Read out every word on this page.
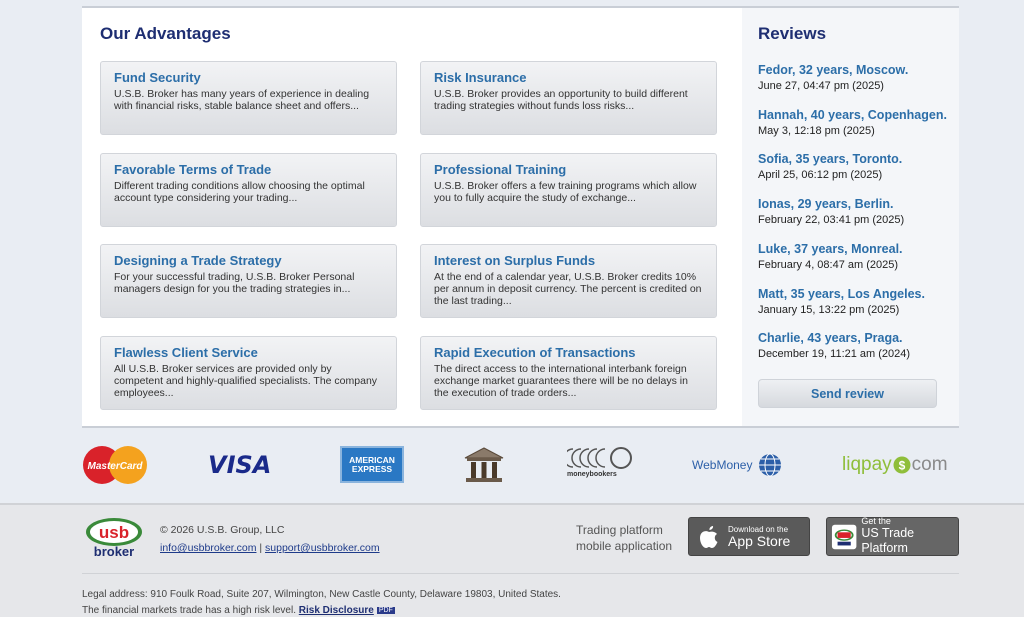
Our Advantages	Reviews
Fund Security
U.S.B. Broker has many years of experience in dealing with financial risks, stable balance sheet and offers...
Risk Insurance
U.S.B. Broker provides an opportunity to build different trading strategies without funds loss risks...
Favorable Terms of Trade
Different trading conditions allow choosing the optimal account type considering your trading...
Professional Training
U.S.B. Broker offers a few training programs which allow you to fully acquire the study of exchange...
Designing a Trade Strategy
For your successful trading, U.S.B. Broker Personal managers design for you the trading strategies in...
Interest on Surplus Funds
At the end of a calendar year, U.S.B. Broker credits 10% per annum in deposit currency. The percent is credited on the last trading...
Flawless Client Service
All U.S.B. Broker services are provided only by competent and highly-qualified specialists. The company employees...
Rapid Execution of Transactions
The direct access to the international interbank foreign exchange market guarantees there will be no delays in the execution of trade orders...
Fedor, 32 years, Moscow.
June 27, 04:47 pm (2025)
Hannah, 40 years, Copenhagen.
May 3, 12:18 pm (2025)
Sofia, 35 years, Toronto.
April 25, 06:12 pm (2025)
Ionas, 29 years, Berlin.
February 22, 03:41 pm (2025)
Luke, 37 years, Monreal.
February 4, 08:47 am (2025)
Matt, 35 years, Los Angeles.
January 15, 13:22 pm (2025)
Charlie, 43 years, Praga.
December 19, 11:21 am (2024)
Send review
MasterCard	VISA	AMERICAN
EXPRESS
moneybookers
WebMoney	liqpay $ com
usb
broker
© 2026 U.S.B. Group, LLC
info@usbbroker.com | support@usbbroker.com
Trading platform
mobile application
Download on the
App Store
Get the
US Trade Platform
Legal address: 910 Foulk Road, Suite 207, Wilmington, New Castle County, Delaware 19803, United States.
The financial markets trade has a high risk level. Risk Disclosure PDF
